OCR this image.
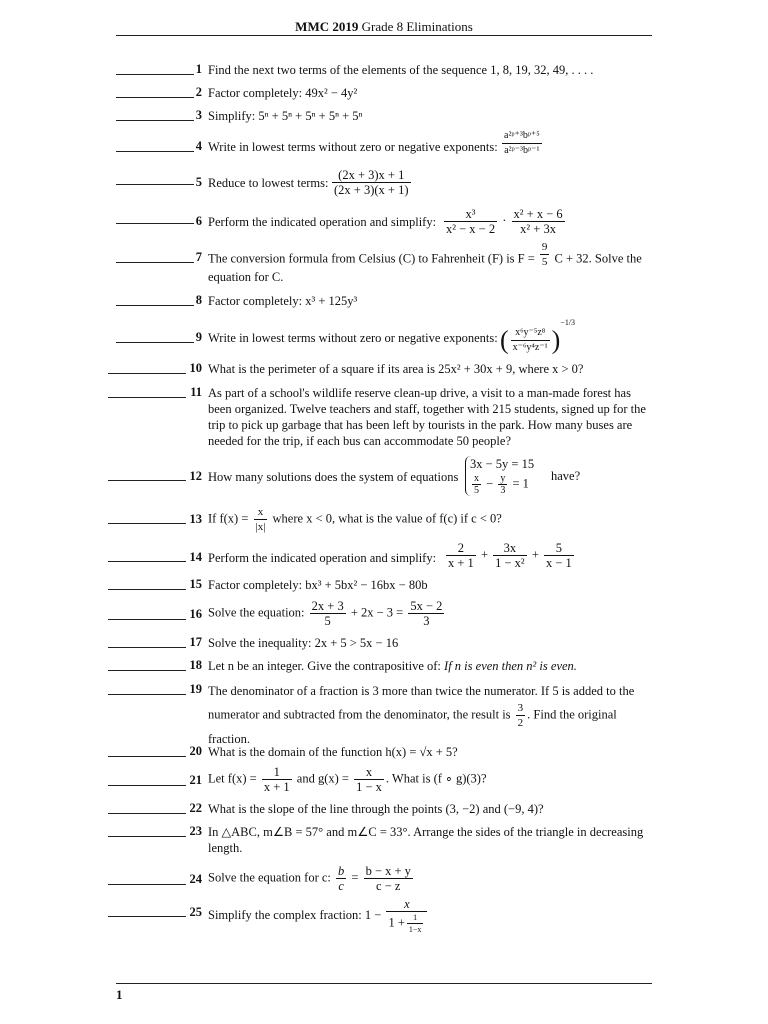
MMC 2019 Grade 8 Eliminations
1 Find the next two terms of the elements of the sequence 1, 8, 19, 32, 49, . . . .
2 Factor completely: 49x² − 4y²
3 Simplify: 5ⁿ + 5ⁿ + 5ⁿ + 5ⁿ + 5ⁿ
4 Write in lowest terms without zero or negative exponents: $\frac{\text{a²ᵖ⁺³bᵖ⁺⁵}}{\text{a²ᵖ⁻³bᵖ⁻¹}}$
5 Reduce to lowest terms: $\frac{(2x + 3)x + 1}{(2x + 3)(x + 1)}$
6 Perform the indicated operation and simplify: $\frac{\text{x³}}{\text{x² − x − 2}} \cdot \frac{\text{x² + x − 6}}{\text{x² + 3x}}$
7 The conversion formula from Celsius (C) to Fahrenheit (F) is $F = \frac{9}{5}$ C + 32. Solve the equation for C.
8 Factor completely: x³ + 125y³
9 Write in lowest terms without zero or negative exponents: ( $\frac{\text{x⁶y⁻⁵z⁸}}{\text{x⁻⁶y⁴z⁻¹}} )^{-1/3}$
10 What is the perimeter of a square if its area is 25x² + 30x + 9, where x > 0?
11 As part of a school's wildlife reserve clean-up drive, a visit to a man-made forest has been organized. Twelve teachers and staff, together with 215 students, signed up for the trip to pick up garbage that has been left by tourists in the park. How many buses are needed for the trip, if each bus can accommodate 50 people?
12 How many solutions does the system of equations
3x − 5y = 15
$\frac{x}{5} - \frac{y}{3} = 1$
have?
13 If $f(x) = \frac{x}{|x|}$ where x < 0, what is the value of f(c) if c < 0?
14 Perform the indicated operation and simplify: $\frac{2}{x + 1} + \frac{3x}{\text{1 − x²}} + \frac{5}{x - 1}$
15 Factor completely: bx³ + 5bx² − 16bx − 80b
16 Solve the equation: $\frac{2x + 3}{5} + 2x - 3 = \frac{5x - 2}{3}$
17 Solve the inequality: 2x + 5 > 5x − 16
18 Let n be an integer. Give the contrapositive of: If n is even then n² is even.
19 The denominator of a fraction is 3 more than twice the numerator. If 5 is added to the numerator and subtracted from the denominator, the result is $\frac{3}{2}$ . Find the original fraction.
20 What is the domain of the function h(x) = √x + 5?
21 Let $f(x) = \frac{1}{x + 1}$ and $g(x) = \frac{x}{1 - x}$ . What is (f ∘ g)(3)?
22 What is the slope of the line through the points (3, −2) and (−9, 4)?
23 In △ABC, m∠B = 57° and m∠C = 33°. Arrange the sides of the triangle in decreasing length.
24 Solve the equation for c: $\frac{b}{c} = \frac{b - x + y}{c - z}$
25 Simplify the complex fraction: $1 - \frac{x}{1 + \frac{1}{1-x}}$
1
